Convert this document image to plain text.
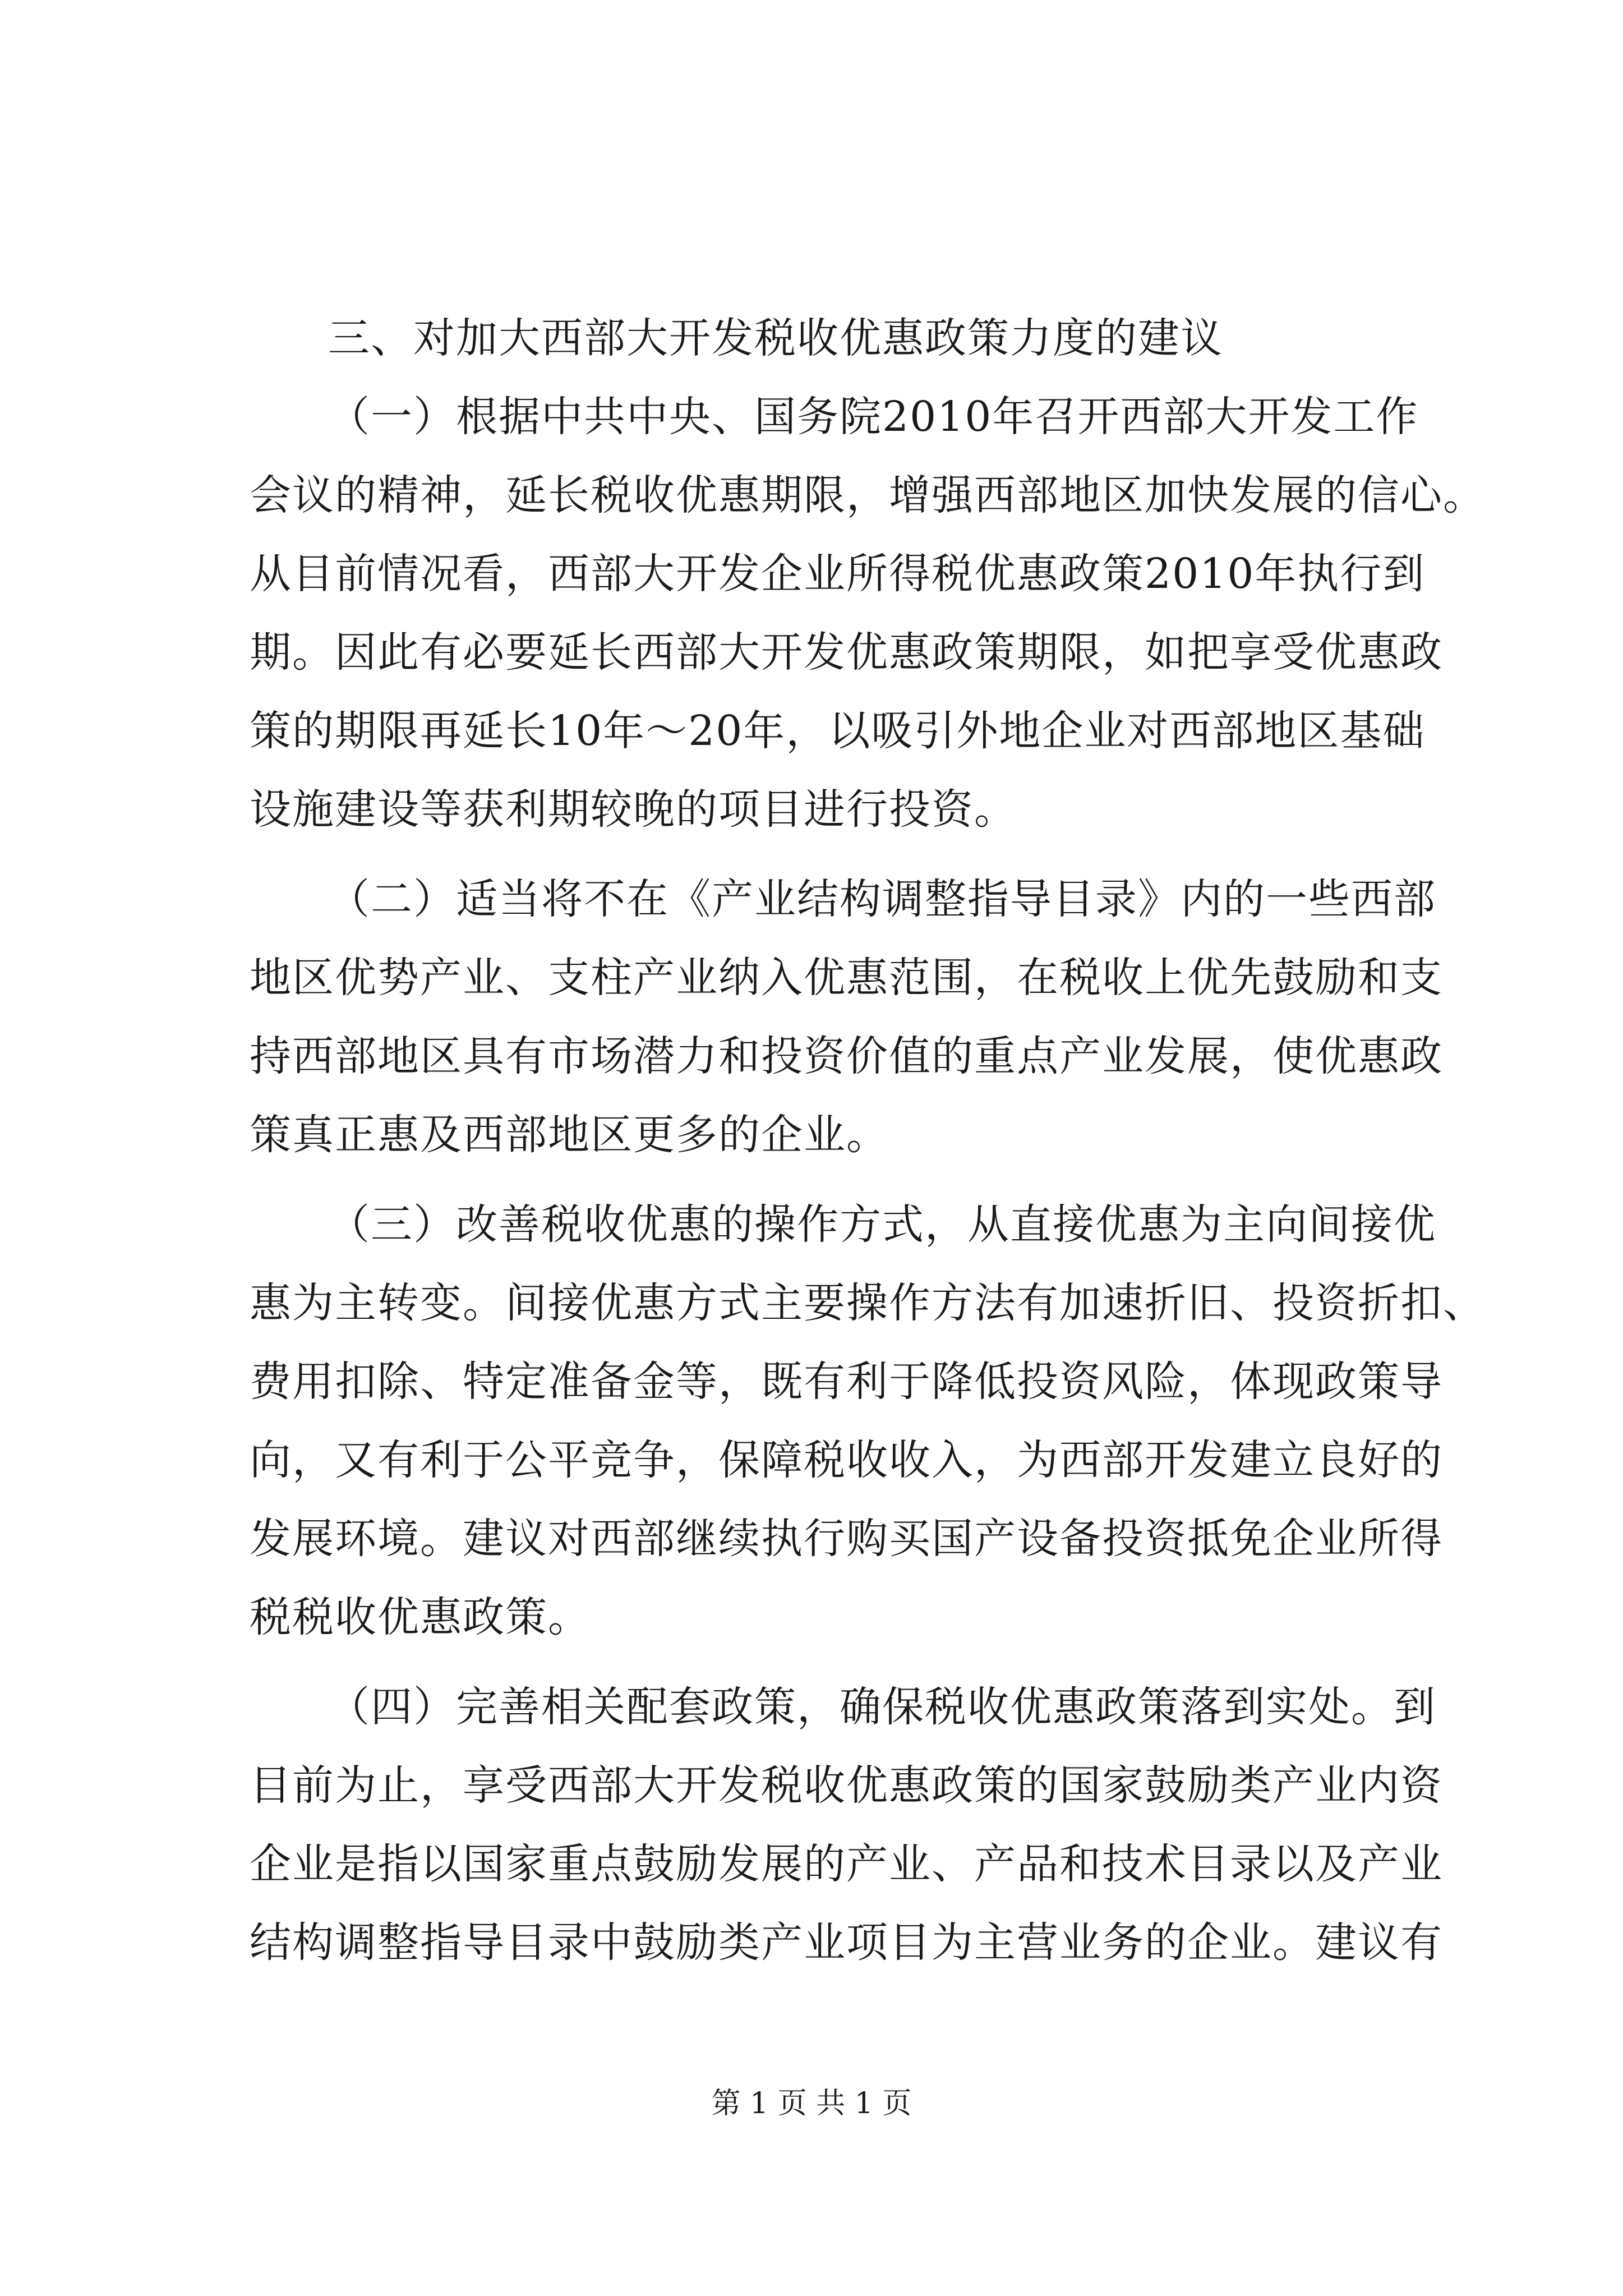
三、对加大西部大开发税收优惠政策力度的建议

（一）根据中共中央、国务院2010年召开西部大开发工作

会议的精神，延长税收优惠期限，增强西部地区加快发展的信心。

从目前情况看，西部大开发企业所得税优惠政策2010年执行到

期。因此有必要延长西部大开发优惠政策期限，如把享受优惠政

策的期限再延长10年～20年，以吸引外地企业对西部地区基础

设施建设等获利期较晚的项目进行投资。

（二）适当将不在《产业结构调整指导目录》内的一些西部

地区优势产业、支柱产业纳入优惠范围，在税收上优先鼓励和支

持西部地区具有市场潜力和投资价值的重点产业发展，使优惠政

策真正惠及西部地区更多的企业。

（三）改善税收优惠的操作方式，从直接优惠为主向间接优

惠为主转变。间接优惠方式主要操作方法有加速折旧、投资折扣、

费用扣除、特定准备金等，既有利于降低投资风险，体现政策导

向，又有利于公平竞争，保障税收收入，为西部开发建立良好的

发展环境。建议对西部继续执行购买国产设备投资抵免企业所得

税税收优惠政策。

（四）完善相关配套政策，确保税收优惠政策落到实处。到

目前为止，享受西部大开发税收优惠政策的国家鼓励类产业内资

企业是指以国家重点鼓励发展的产业、产品和技术目录以及产业

结构调整指导目录中鼓励类产业项目为主营业务的企业。建议有

第 1 页 共 1 页
